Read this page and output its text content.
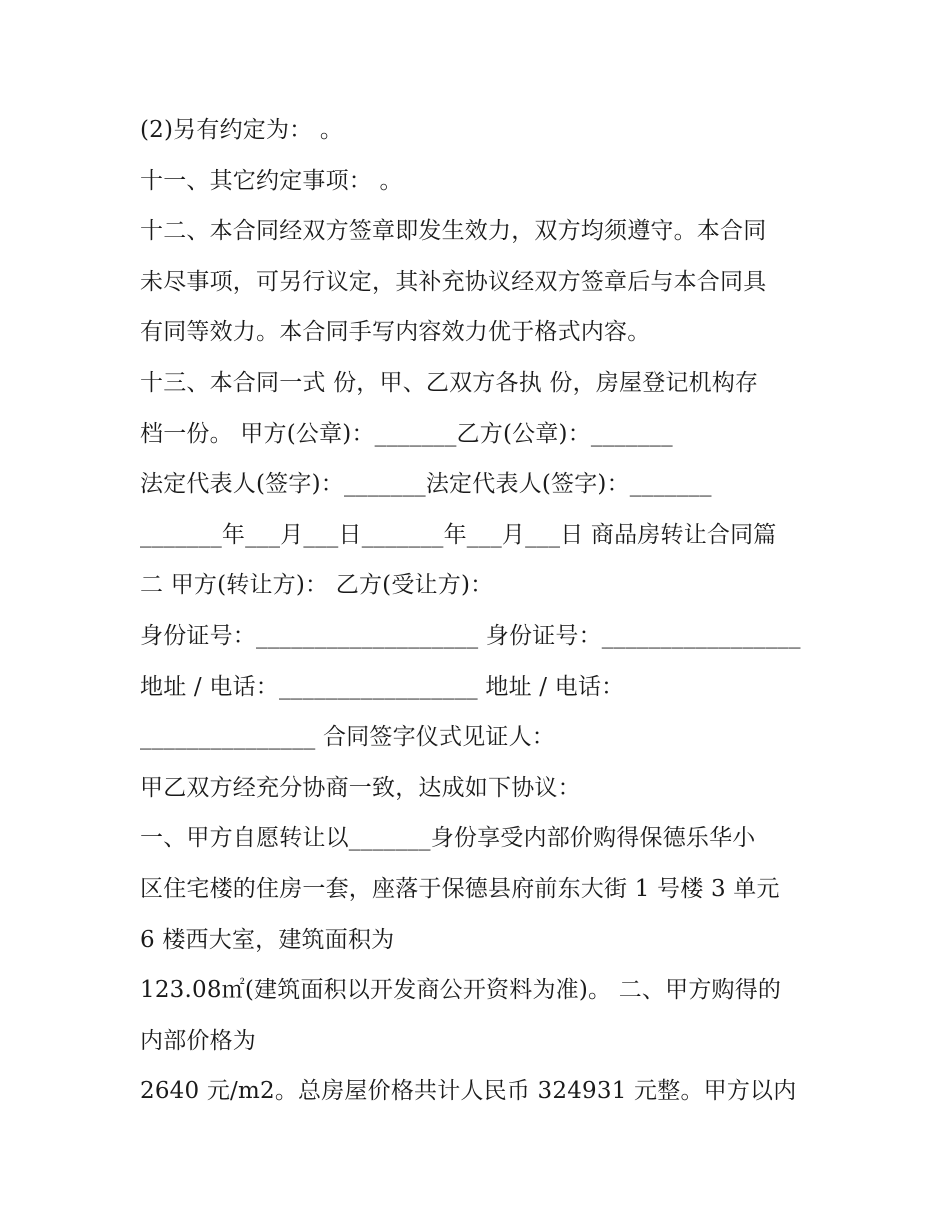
(2)另有约定为： 。
十一、其它约定事项： 。
十二、本合同经双方签章即发生效力，双方均须遵守。本合同
未尽事项，可另行议定，其补充协议经双方签章后与本合同具
有同等效力。本合同手写内容效力优于格式内容。
十三、本合同一式 份，甲、乙双方各执 份，房屋登记机构存
档一份。 甲方(公章)：_______乙方(公章)：_______
法定代表人(签字)：_______法定代表人(签字)：_______
_______年___月___日_______年___月___日 商品房转让合同篇
二 甲方(转让方)： 乙方(受让方)：
身份证号：___________________ 身份证号：_________________
地址 / 电话：_________________ 地址 / 电话：
_______________ 合同签字仪式见证人：
甲乙双方经充分协商一致，达成如下协议：
一、甲方自愿转让以_______身份享受内部价购得保德乐华小
区住宅楼的住房一套，座落于保德县府前东大街 1 号楼 3 单元
6 楼西大室，建筑面积为
123.08㎡(建筑面积以开发商公开资料为准)。 二、甲方购得的
内部价格为
2640 元/m2。总房屋价格共计人民币 324931 元整。甲方以内
